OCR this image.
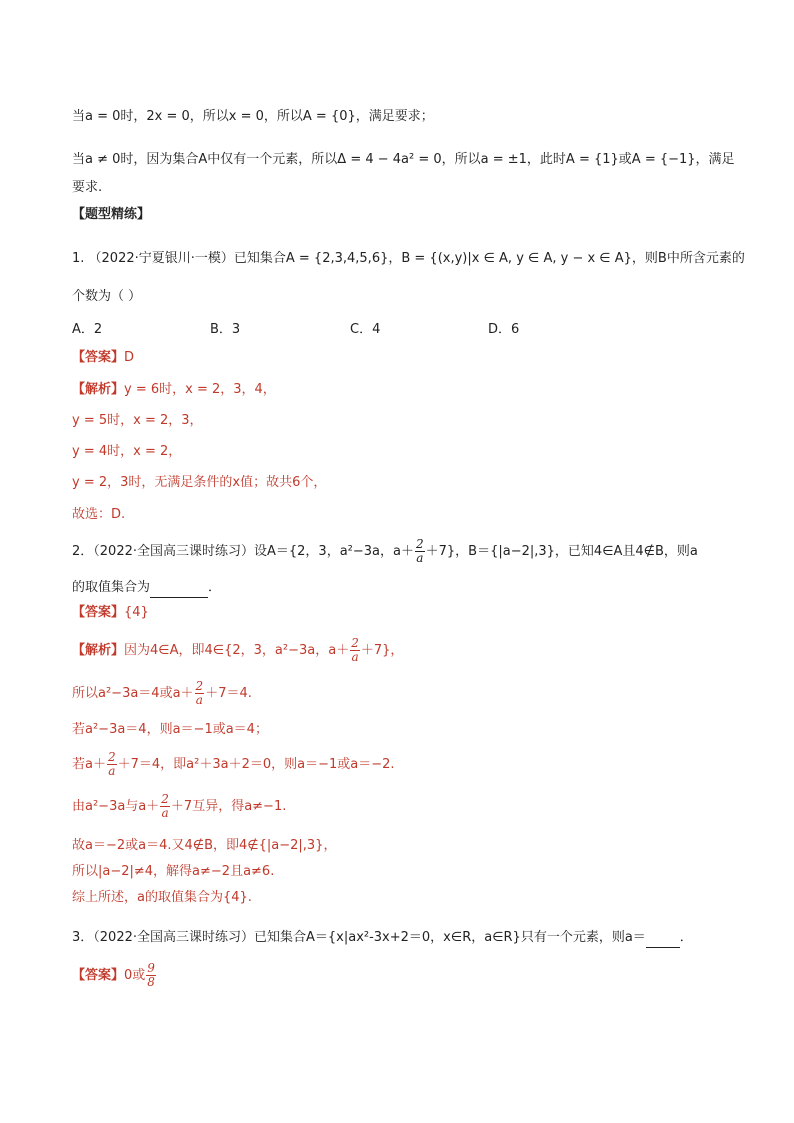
当a = 0时，2x = 0，所以x = 0，所以A = {0}，满足要求；
当a ≠ 0时，因为集合A中仅有一个元素，所以Δ = 4 − 4a² = 0，所以a = ±1，此时A = {1}或A = {−1}，满足
要求.
【题型精练】
1. （2022·宁夏银川·一模）已知集合A = {2,3,4,5,6}，B = {(x,y)|x ∈ A, y ∈ A, y − x ∈ A}，则B中所含元素的
个数为（ ）
A．2	B．3	C．4	D．6
【答案】D
【解析】y = 6时，x = 2，3，4，
y = 5时，x = 2，3，
y = 4时，x = 2，
y = 2，3时，无满足条件的x值；故共6个，
故选：D.
2．（2022·全国高三课时练习）设A＝{2，3，a²−3a，$a+ \frac{2}{a} +7$}，B＝{|a−2|,3}，已知4∈A且4∉B，则a
的取值集合为	．
【答案】{4}
【解析】因为4∈A，即4∈{2，3，a²−3a，$a+ \frac{2}{a} +7$}，
所以a²−3a＝4或$a+ \frac{2}{a} +7=4$.
若a²−3a＝4，则a＝−1或a＝4；
若$a+ \frac{2}{a} +7=4$，即a²＋3a＋2＝0，则a＝−1或a＝−2.
由a²−3a与$a+ \frac{2}{a} +7$互异，得a≠−1.
故a＝−2或a＝4.又4∉B，即4∉{|a−2|,3}，
所以|a−2|≠4，解得a≠−2且a≠6.
综上所述，a的取值集合为{4}.
3．（2022·全国高三课时练习）已知集合A＝{x|ax²-3x+2＝0，x∈R，a∈R}只有一个元素，则a＝	．
【答案】0或 $\frac{9}{8}$
